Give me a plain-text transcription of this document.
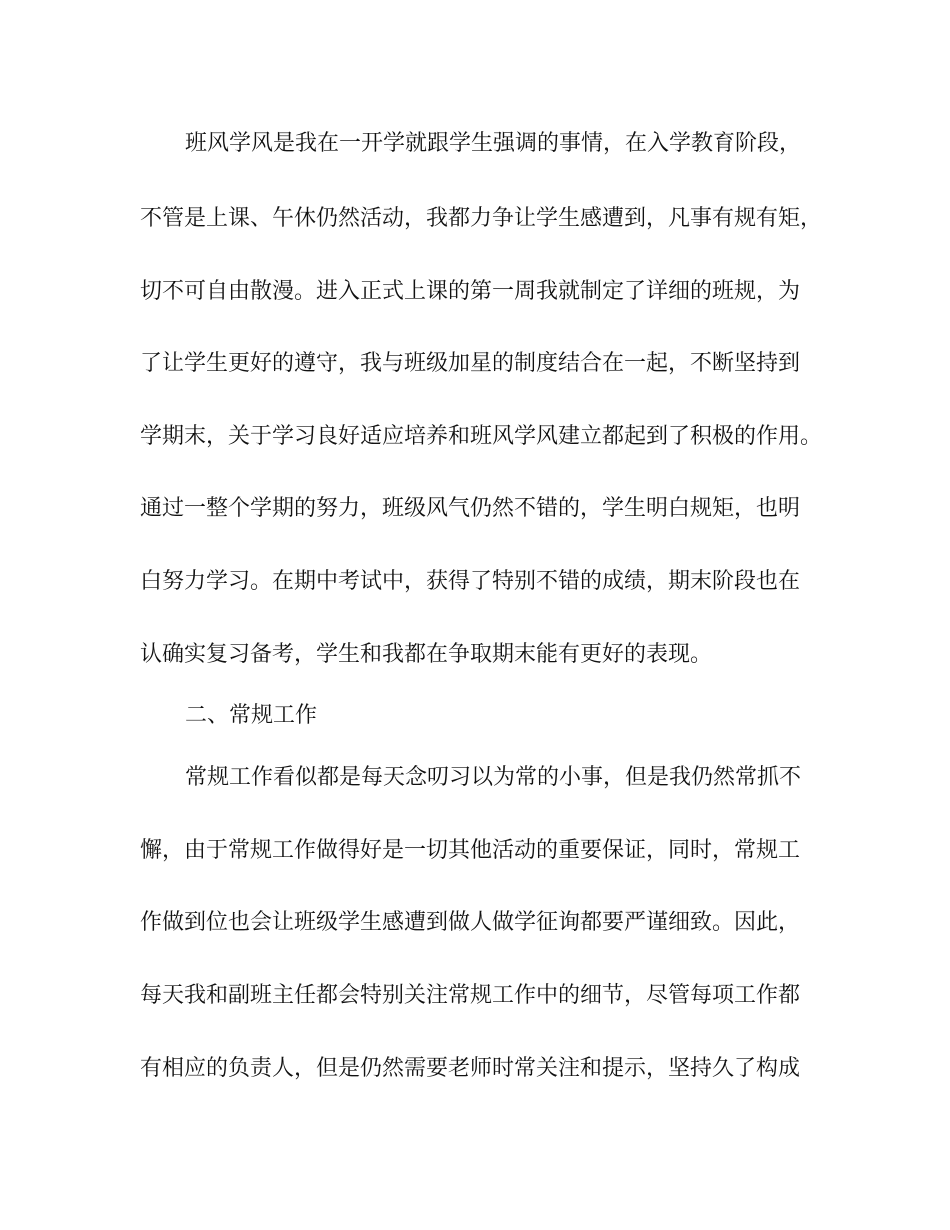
班风学风是我在一开学就跟学生强调的事情，在入学教育阶段，
不管是上课、午休仍然活动，我都力争让学生感遭到，凡事有规有矩，
切不可自由散漫。进入正式上课的第一周我就制定了详细的班规，为
了让学生更好的遵守，我与班级加星的制度结合在一起，不断坚持到
学期末，关于学习良好适应培养和班风学风建立都起到了积极的作用。
通过一整个学期的努力，班级风气仍然不错的，学生明白规矩，也明
白努力学习。在期中考试中，获得了特别不错的成绩，期末阶段也在
认确实复习备考，学生和我都在争取期末能有更好的表现。
二、常规工作
常规工作看似都是每天念叨习以为常的小事，但是我仍然常抓不
懈，由于常规工作做得好是一切其他活动的重要保证，同时，常规工
作做到位也会让班级学生感遭到做人做学征询都要严谨细致。因此，
每天我和副班主任都会特别关注常规工作中的细节，尽管每项工作都
有相应的负责人，但是仍然需要老师时常关注和提示，坚持久了构成
